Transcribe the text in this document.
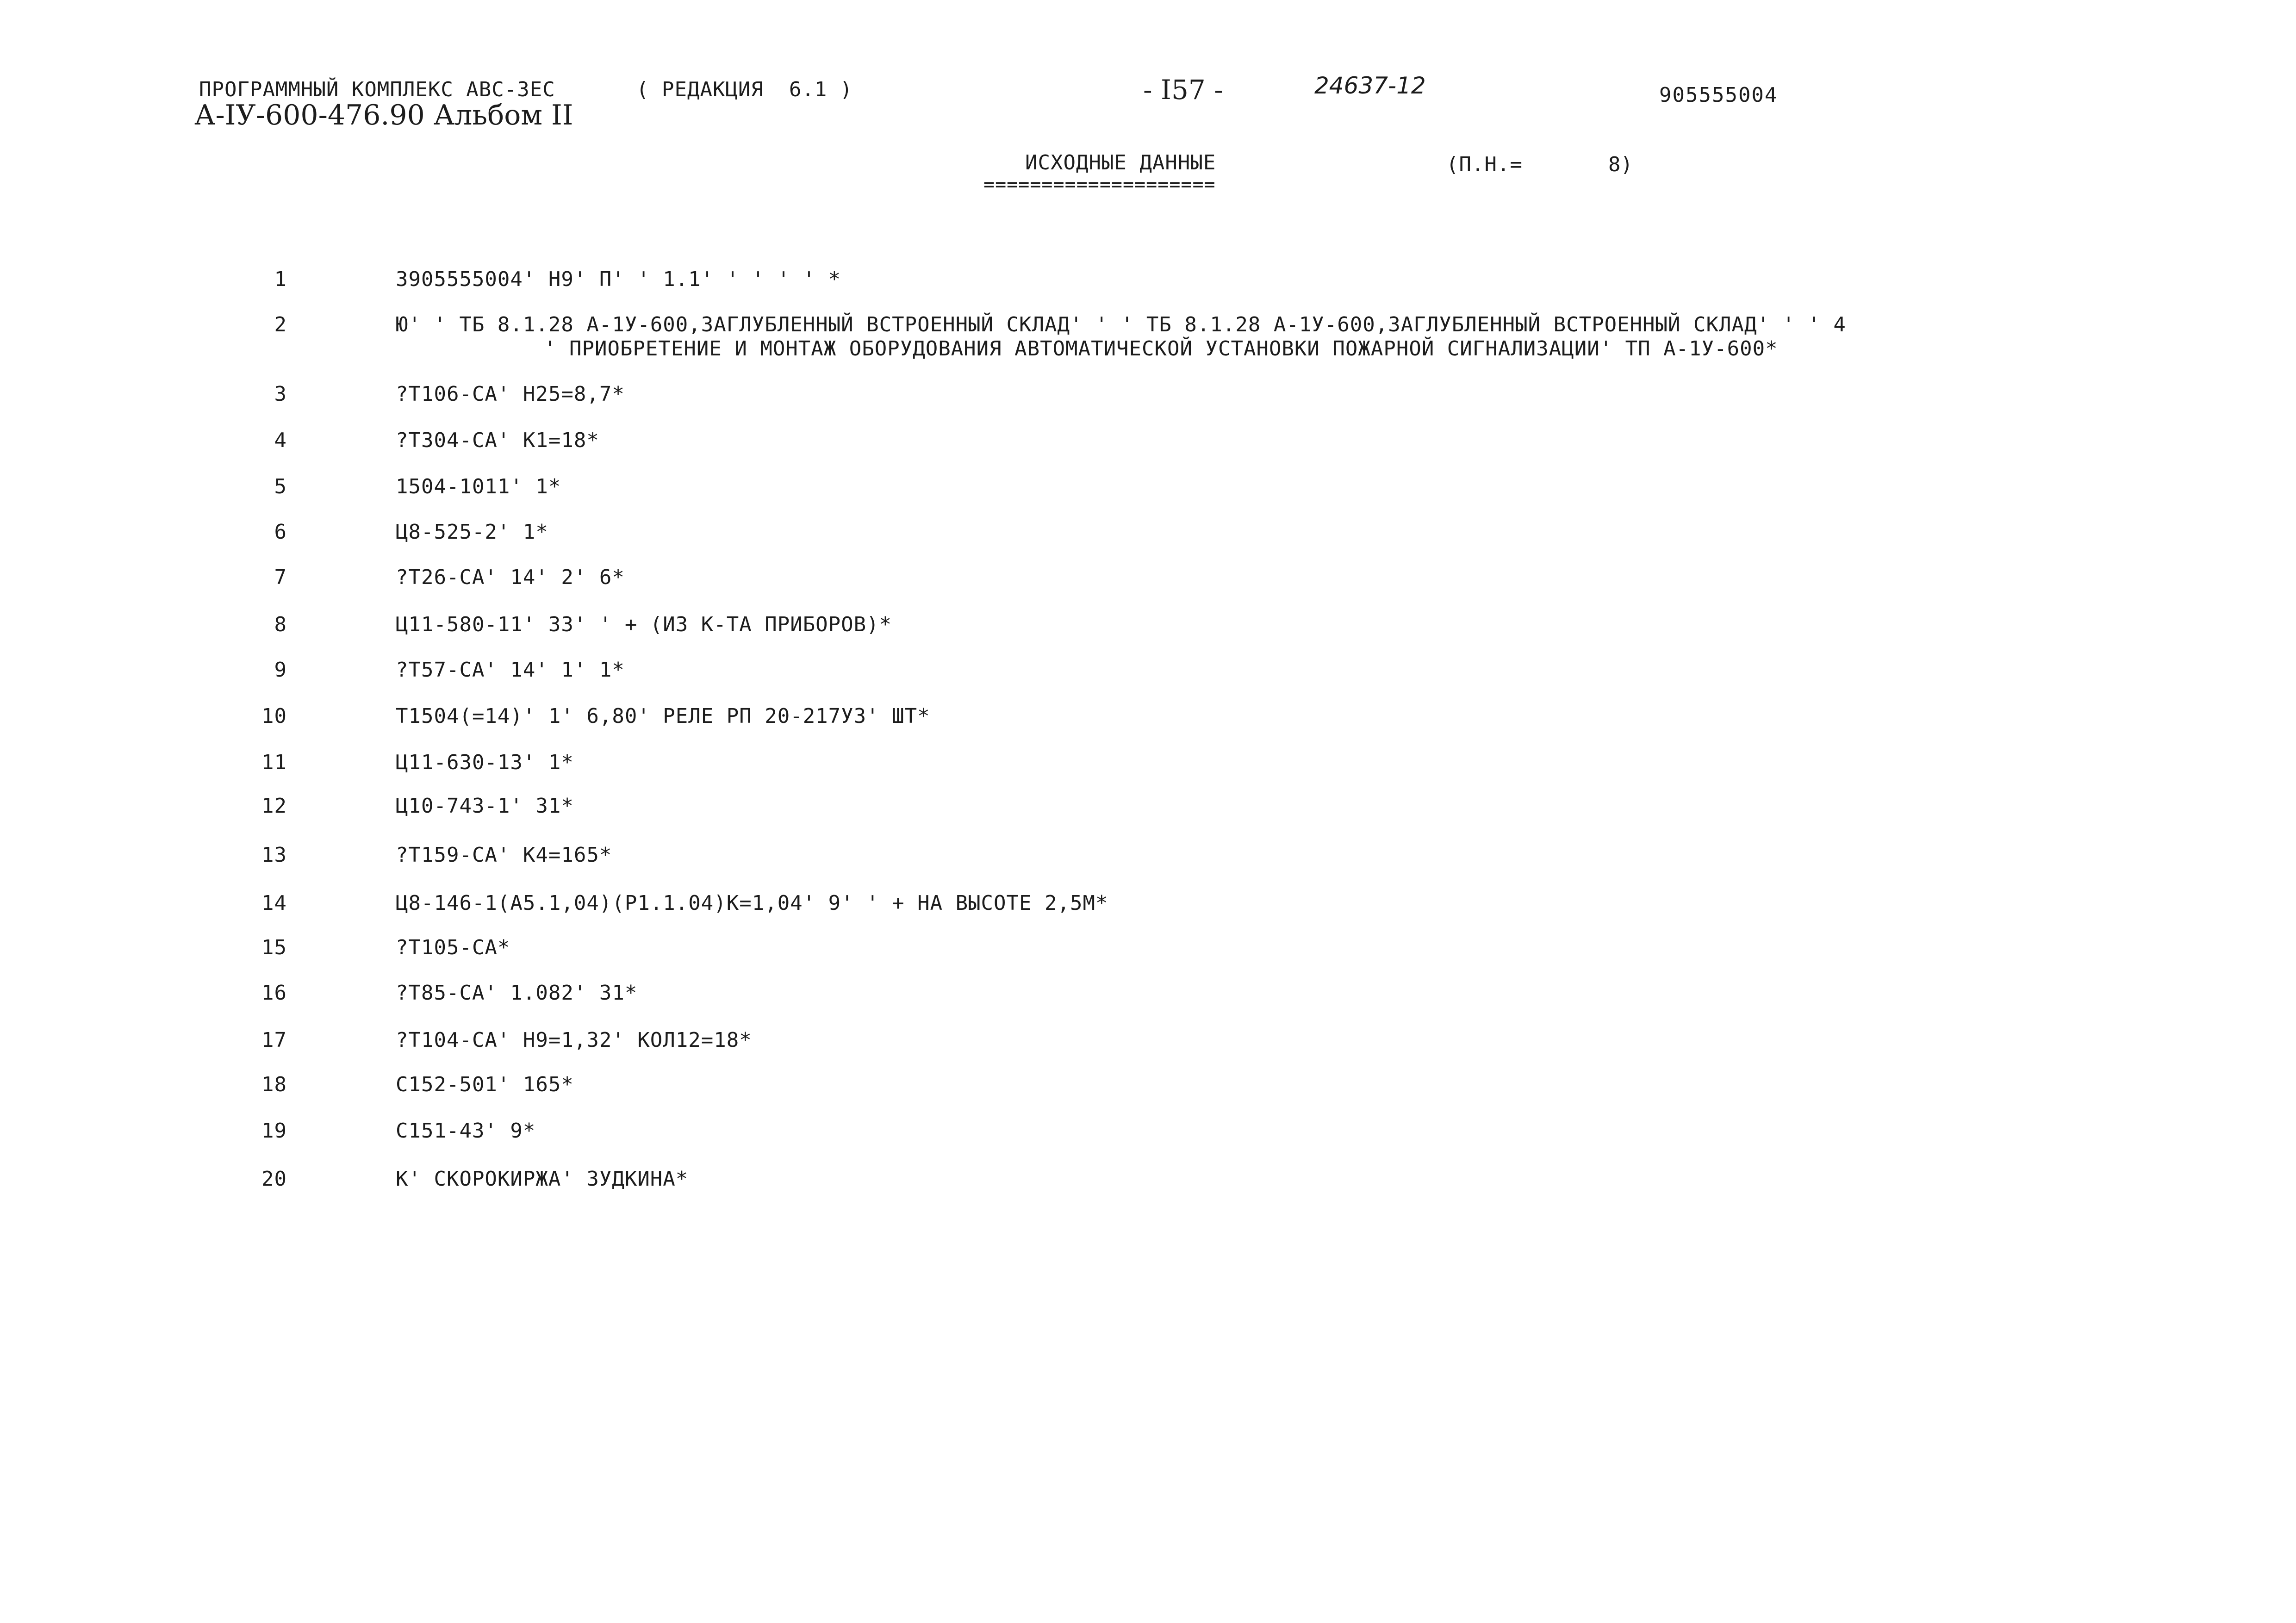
ПРОГРАММНЫЙ КОМПЛЕКС АВС-3ЕС	( РЕДАКЦИЯ  6.1 )	- I57 -	24637-12	905555004
А-IУ-600-476.90 Альбом II
ИСХОДНЫЕ ДАННЫЕ
====================
(П.Н.=	8)
1	3905555004' Н9' П' ' 1.1' ' ' ' ' *
2	Ю' ' ТБ 8.1.28 А-1У-600,ЗАГЛУБЛЕННЫЙ ВСТРОЕННЫЙ СКЛАД' ' ' ТБ 8.1.28 А-1У-600,ЗАГЛУБЛЕННЫЙ ВСТРОЕННЫЙ СКЛАД' ' ' 4
' ПРИОБРЕТЕНИЕ И МОНТАЖ ОБОРУДОВАНИЯ АВТОМАТИЧЕСКОЙ УСТАНОВКИ ПОЖАРНОЙ СИГНАЛИЗАЦИИ' ТП А-1У-600*
3	?Т106-СА' Н25=8,7*
4	?Т304-СА' К1=18*
5	1504-1011' 1*
6	Ц8-525-2' 1*
7	?Т26-СА' 14' 2' 6*
8	Ц11-580-11' 33' ' + (ИЗ К-ТА ПРИБОРОВ)*
9	?Т57-СА' 14' 1' 1*
10	Т1504(=14)' 1' 6,80' РЕЛЕ РП 20-217У3' ШТ*
11	Ц11-630-13' 1*
12	Ц10-743-1' 31*
13	?Т159-СА' К4=165*
14	Ц8-146-1(А5.1,04)(Р1.1.04)К=1,04' 9' ' + НА ВЫСОТЕ 2,5М*
15	?Т105-СА*
16	?Т85-СА' 1.082' 31*
17	?Т104-СА' Н9=1,32' КОЛ12=18*
18	С152-501' 165*
19	С151-43' 9*
20	К' СКОРОКИРЖА' ЗУДКИНА*
